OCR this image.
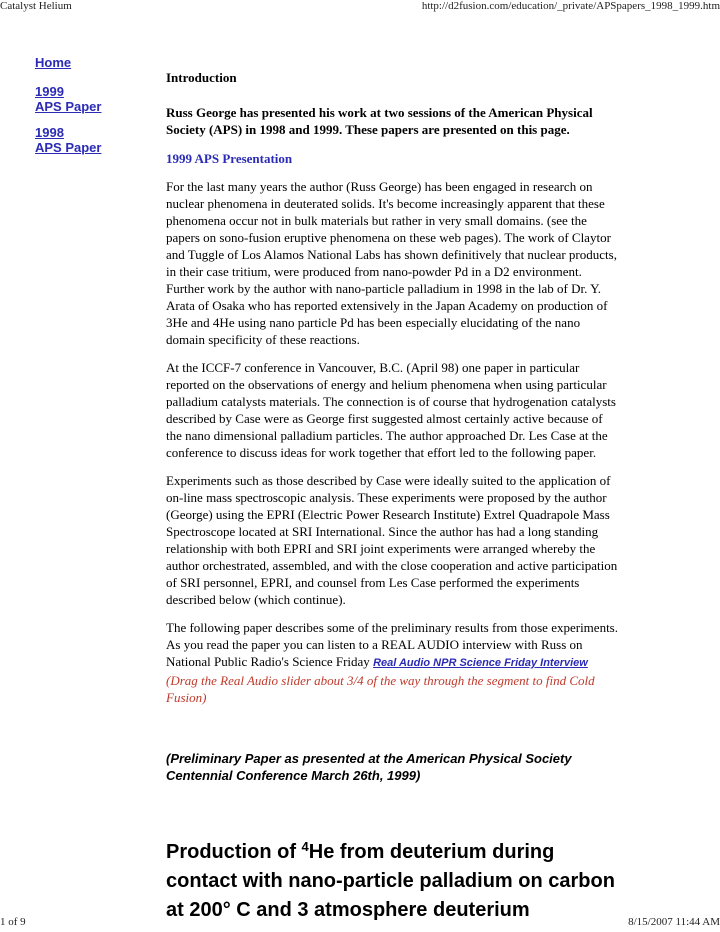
Catalyst Helium	http://d2fusion.com/education/_private/APSpapers_1998_1999.htm
Home
1999
APS Paper
1998
APS Paper

Introduction

Russ George has presented his work at two sessions of the American Physical Society (APS) in 1998 and 1999. These papers are presented on this page.

1999 APS Presentation

For the last many years the author (Russ George) has been engaged in research on nuclear phenomena in deuterated solids. It's become increasingly apparent that these phenomena occur not in bulk materials but rather in very small domains. (see the papers on sono-fusion eruptive phenomena on these web pages). The work of Claytor and Tuggle of Los Alamos National Labs has shown definitively that nuclear products, in their case tritium, were produced from nano-powder Pd in a D2 environment. Further work by the author with nano-particle palladium in 1998 in the lab of Dr. Y. Arata of Osaka who has reported extensively in the Japan Academy on production of 3He and 4He using nano particle Pd has been especially elucidating of the nano domain specificity of these reactions.

At the ICCF-7 conference in Vancouver, B.C. (April 98) one paper in particular reported on the observations of energy and helium phenomena when using particular palladium catalysts materials. The connection is of course that hydrogenation catalysts described by Case were as George first suggested almost certainly active because of the nano dimensional palladium particles. The author approached Dr. Les Case at the conference to discuss ideas for work together that effort led to the following paper.

Experiments such as those described by Case were ideally suited to the application of on-line mass spectroscopic analysis. These experiments were proposed by the author (George) using the EPRI (Electric Power Research Institute) Extrel Quadrapole Mass Spectroscope located at SRI International. Since the author has had a long standing relationship with both EPRI and SRI joint experiments were arranged whereby the author orchestrated, assembled, and with the close cooperation and active participation of SRI personnel, EPRI, and counsel from Les Case performed the experiments described below (which continue).

The following paper describes some of the preliminary results from those experiments. As you read the paper you can listen to a REAL AUDIO interview with Russ on National Public Radio's Science Friday Real Audio NPR Science Friday Interview (Drag the Real Audio slider about 3/4 of the way through the segment to find Cold Fusion)

(Preliminary Paper as presented at the American Physical Society Centennial Conference March 26th, 1999)

Production of $^4$He from deuterium during contact with nano-particle palladium on carbon at 200° C and 3 atmosphere deuterium

1 of 9	8/15/2007 11:44 AM
